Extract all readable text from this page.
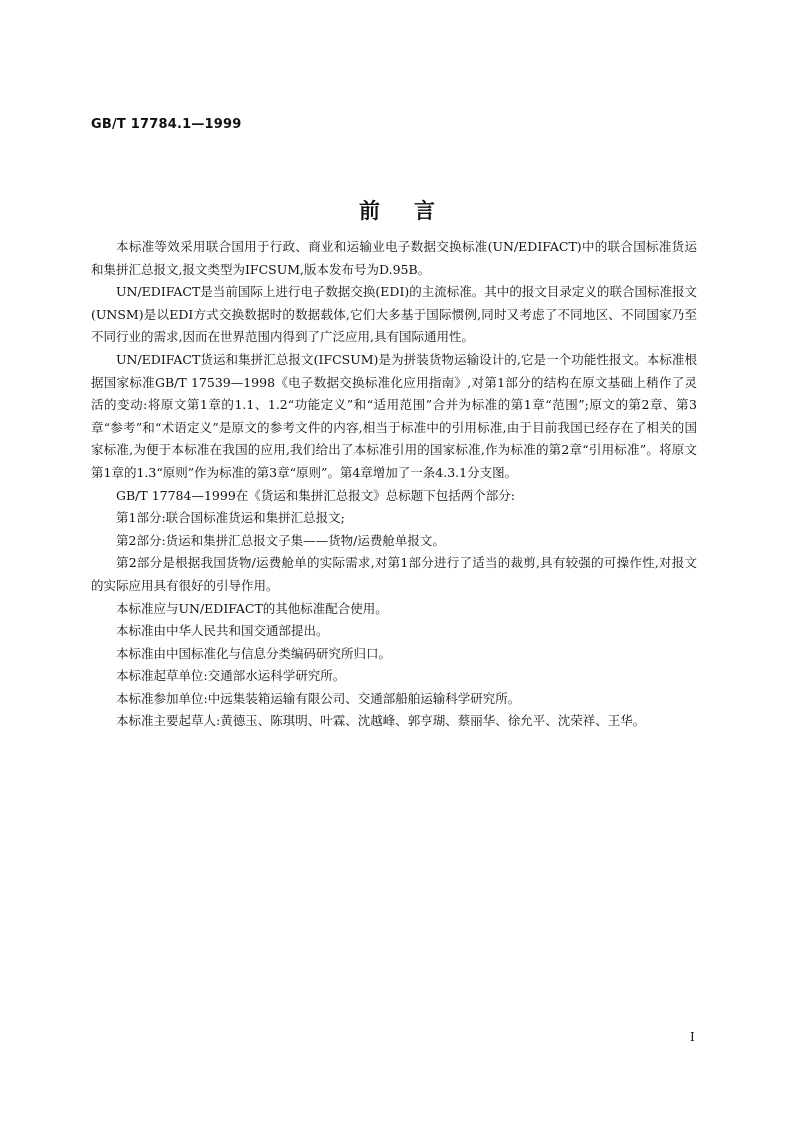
GB/T 17784.1—1999
前言

本标准等效采用联合国用于行政、商业和运输业电子数据交换标准(UN/EDIFACT)中的联合国标准货运和集拼汇总报文,报文类型为IFCSUM,版本发布号为D.95B。

UN/EDIFACT是当前国际上进行电子数据交换(EDI)的主流标准。其中的报文目录定义的联合国标准报文(UNSM)是以EDI方式交换数据时的数据载体,它们大多基于国际惯例,同时又考虑了不同地区、不同国家乃至不同行业的需求,因而在世界范围内得到了广泛应用,具有国际通用性。

UN/EDIFACT货运和集拼汇总报文(IFCSUM)是为拼装货物运输设计的,它是一个功能性报文。本标准根据国家标准GB/T 17539—1998《电子数据交换标准化应用指南》,对第1部分的结构在原文基础上稍作了灵活的变动:将原文第1章的1.1、1.2“功能定义”和“适用范围”合并为标准的第1章“范围”;原文的第2章、第3章“参考”和“术语定义”是原文的参考文件的内容,相当于标准中的引用标准,由于目前我国已经存在了相关的国家标准,为便于本标准在我国的应用,我们给出了本标准引用的国家标准,作为标准的第2章“引用标准”。将原文第1章的1.3“原则”作为标准的第3章“原则”。第4章增加了一条4.3.1分支图。

GB/T 17784—1999在《货运和集拼汇总报文》总标题下包括两个部分:

第1部分:联合国标准货运和集拼汇总报文;

第2部分:货运和集拼汇总报文子集——货物/运费舱单报文。

第2部分是根据我国货物/运费舱单的实际需求,对第1部分进行了适当的裁剪,具有较强的可操作性,对报文的实际应用具有很好的引导作用。

本标准应与UN/EDIFACT的其他标准配合使用。

本标准由中华人民共和国交通部提出。

本标准由中国标准化与信息分类编码研究所归口。

本标准起草单位:交通部水运科学研究所。

本标准参加单位:中远集装箱运输有限公司、交通部船舶运输科学研究所。

本标准主要起草人:黄德玉、陈琪明、叶霖、沈越峰、郭亨瑚、蔡丽华、徐允平、沈荣祥、王华。

I
